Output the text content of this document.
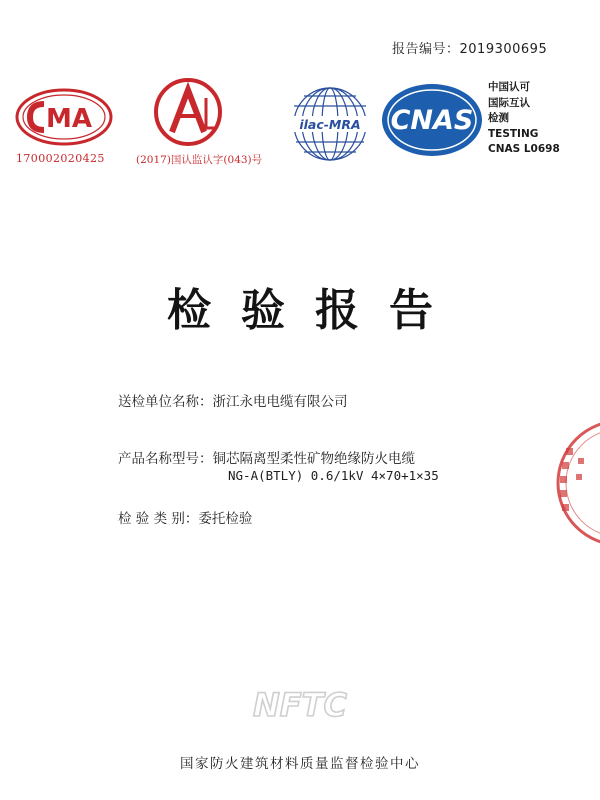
报告编号：2019300695
MA
170002020425	(2017)国认监认字(043)号
ilac-MRA CNAS
中国认可
国际互认
检测
TESTING
CNAS L0698
检验报告
送检单位名称：浙江永电电缆有限公司
产品名称型号：铜芯隔离型柔性矿物绝缘防火电缆
NG-A(BTLY) 0.6/1kV 4×70+1×35
检 验 类 别：委托检验
NFTC
国家防火建筑材料质量监督检验中心
